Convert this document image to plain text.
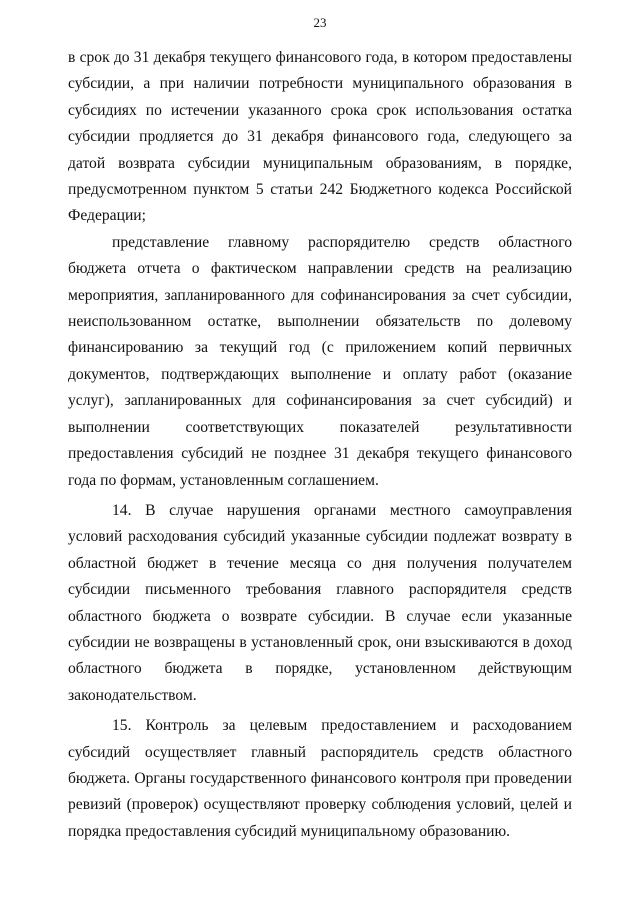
23

в срок до 31 декабря текущего финансового года, в котором предоставлены субсидии, а при наличии потребности муниципального образования в субсидиях по истечении указанного срока срок использования остатка субсидии продляется до 31 декабря финансового года, следующего за датой возврата субсидии муниципальным образованиям, в порядке, предусмотренном пунктом 5 статьи 242 Бюджетного кодекса Российской Федерации;

представление главному распорядителю средств областного бюджета отчета о фактическом направлении средств на реализацию мероприятия, запланированного для софинансирования за счет субсидии, неиспользованном остатке, выполнении обязательств по долевому финансированию за текущий год (с приложением копий первичных документов, подтверждающих выполнение и оплату работ (оказание услуг), запланированных для софинансирования за счет субсидий) и выполнении соответствующих показателей результативности предоставления субсидий не позднее 31 декабря текущего финансового года по формам, установленным соглашением.

14. В случае нарушения органами местного самоуправления условий расходования субсидий указанные субсидии подлежат возврату в областной бюджет в течение месяца со дня получения получателем субсидии письменного требования главного распорядителя средств областного бюджета о возврате субсидии. В случае если указанные субсидии не возвращены в установленный срок, они взыскиваются в доход областного бюджета в порядке, установленном действующим законодательством.

15. Контроль за целевым предоставлением и расходованием субсидий осуществляет главный распорядитель средств областного бюджета. Органы государственного финансового контроля при проведении ревизий (проверок) осуществляют проверку соблюдения условий, целей и порядка предоставления субсидий муниципальному образованию.
